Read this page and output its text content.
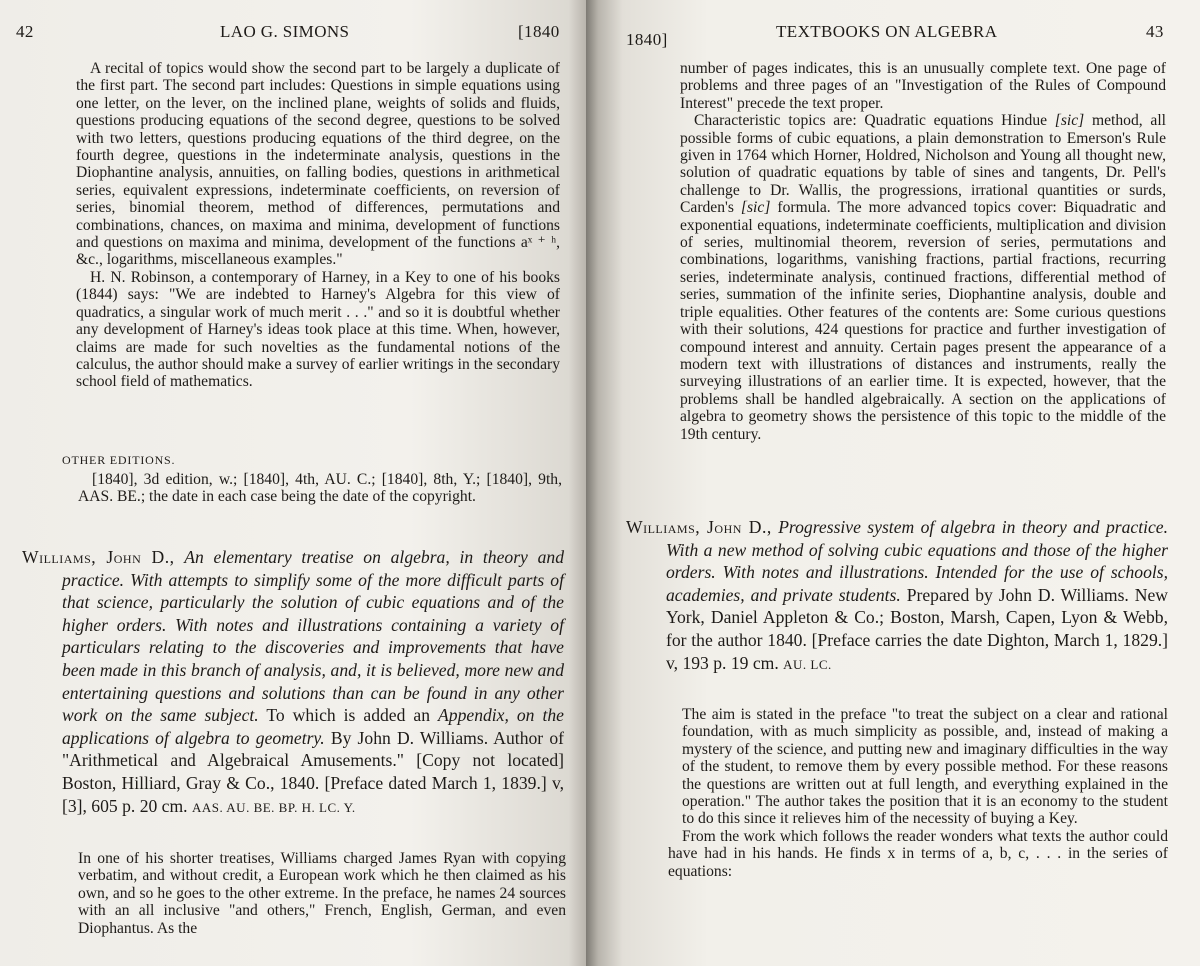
42	LAO G. SIMONS	[1840

A recital of topics would show the second part to be largely a duplicate of the first part. The second part includes: Questions in simple equations using one letter, on the lever, on the inclined plane, weights of solids and fluids, questions producing equations of the second degree, questions to be solved with two letters, questions producing equations of the third degree, on the fourth degree, questions in the indeterminate analysis, questions in the Diophantine analysis, annuities, on falling bodies, questions in arithmetical series, equivalent expressions, indeterminate coefficients, on reversion of series, binomial theorem, method of differences, permutations and combinations, chances, on maxima and minima, development of functions and questions on maxima and minima, development of the functions aˣ ⁺ ʰ, &c., logarithms, miscellaneous examples."

H. N. Robinson, a contemporary of Harney, in a Key to one of his books (1844) says: "We are indebted to Harney's Algebra for this view of quadratics, a singular work of much merit . . ." and so it is doubtful whether any development of Harney's ideas took place at this time. When, however, claims are made for such novelties as the fundamental notions of the calculus, the author should make a survey of earlier writings in the secondary school field of mathematics.

OTHER EDITIONS.

[1840], 3d edition, w.; [1840], 4th, AU. C.; [1840], 8th, Y.; [1840], 9th, AAS. BE.; the date in each case being the date of the copyright.

Williams, John D., An elementary treatise on algebra, in theory and practice. With attempts to simplify some of the more difficult parts of that science, particularly the solution of cubic equations and of the higher orders. With notes and illustrations containing a variety of particulars relating to the discoveries and improvements that have been made in this branch of analysis, and, it is believed, more new and entertaining questions and solutions than can be found in any other work on the same subject. To which is added an Appendix, on the applications of algebra to geometry. By John D. Williams. Author of "Arithmetical and Algebraical Amusements." [Copy not located] Boston, Hilliard, Gray & Co., 1840. [Preface dated March 1, 1839.] v, [3], 605 p. 20 cm. AAS. AU. BE. BP. H. LC. Y.

In one of his shorter treatises, Williams charged James Ryan with copying verbatim, and without credit, a European work which he then claimed as his own, and so he goes to the other extreme. In the preface, he names 24 sources with an all inclusive "and others," French, English, German, and even Diophantus. As the

1840]	TEXTBOOKS ON ALGEBRA	43

number of pages indicates, this is an unusually complete text. One page of problems and three pages of an "Investigation of the Rules of Compound Interest" precede the text proper.

Characteristic topics are: Quadratic equations Hindue [sic] method, all possible forms of cubic equations, a plain demonstration to Emerson's Rule given in 1764 which Horner, Holdred, Nicholson and Young all thought new, solution of quadratic equations by table of sines and tangents, Dr. Pell's challenge to Dr. Wallis, the progressions, irrational quantities or surds, Carden's [sic] formula. The more advanced topics cover: Biquadratic and exponential equations, indeterminate coefficients, multiplication and division of series, multinomial theorem, reversion of series, permutations and combinations, logarithms, vanishing fractions, partial fractions, recurring series, indeterminate analysis, continued fractions, differential method of series, summation of the infinite series, Diophantine analysis, double and triple equalities. Other features of the contents are: Some curious questions with their solutions, 424 questions for practice and further investigation of compound interest and annuity. Certain pages present the appearance of a modern text with illustrations of distances and instruments, really the surveying illustrations of an earlier time. It is expected, however, that the problems shall be handled algebraically. A section on the applications of algebra to geometry shows the persistence of this topic to the middle of the 19th century.

Williams, John D., Progressive system of algebra in theory and practice. With a new method of solving cubic equations and those of the higher orders. With notes and illustrations. Intended for the use of schools, academies, and private students. Prepared by John D. Williams. New York, Daniel Appleton & Co.; Boston, Marsh, Capen, Lyon & Webb, for the author 1840. [Preface carries the date Dighton, March 1, 1829.] v, 193 p. 19 cm. AU. LC.

The aim is stated in the preface "to treat the subject on a clear and rational foundation, with as much simplicity as possible, and, instead of making a mystery of the science, and putting new and imaginary difficulties in the way of the student, to remove them by every possible method. For these reasons the questions are written out at full length, and everything explained in the operation." The author takes the position that it is an economy to the student to do this since it relieves him of the necessity of buying a Key.

From the work which follows the reader wonders what texts the author could have had in his hands. He finds x in terms of a, b, c, . . . in the series of equations:
